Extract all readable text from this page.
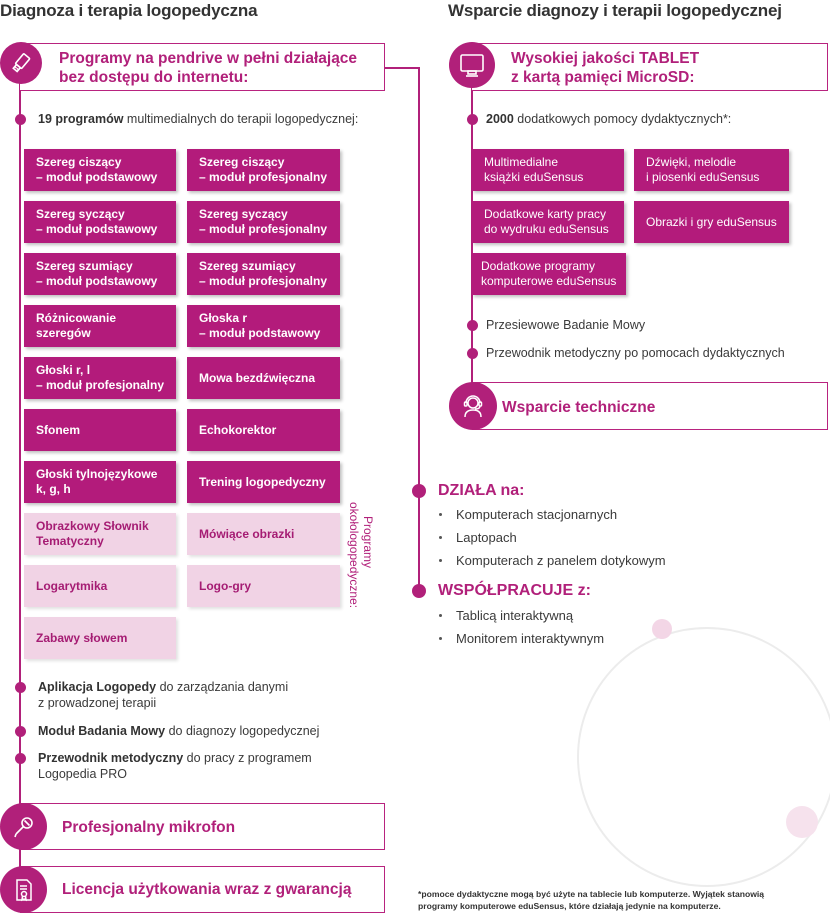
Diagnoza i terapia logopedyczna
Programy na pendrive w pełni działające
bez dostępu do internetu:
19 programów multimedialnych do terapii logopedycznej:
Szereg ciszący
– moduł podstawowy
Szereg ciszący
– moduł profesjonalny
Szereg syczący
– moduł podstawowy
Szereg syczący
– moduł profesjonalny
Szereg szumiący
– moduł podstawowy
Szereg szumiący
– moduł profesjonalny
Różnicowanie
szeregów
Głoska r
– moduł podstawowy
Głoski r, l
– moduł profesjonalny
Mowa bezdźwięczna
Sfonem	Echokorektor
Głoski tylnojęzykowe
k, g, h
Trening logopedyczny
Obrazkowy Słownik
Tematyczny
Mówiące obrazki
Logarytmika	Logo-gry
Zabawy słowem
Programy
okołologopedyczne:
Aplikacja Logopedy do zarządzania danymi
z prowadzonej terapii
Moduł Badania Mowy do diagnozy logopedycznej
Przewodnik metodyczny do pracy z programem
Logopedia PRO
Profesjonalny mikrofon
Licencja użytkowania wraz z gwarancją
Wsparcie diagnozy i terapii logopedycznej
Wysokiej jakości TABLET
z kartą pamięci MicroSD:
2000 dodatkowych pomocy dydaktycznych*:
Multimedialne
książki eduSensus
Dźwięki, melodie
i piosenki eduSensus
Dodatkowe karty pracy
do wydruku eduSensus
Obrazki i gry eduSensus
Dodatkowe programy
komputerowe eduSensus
Przesiewowe Badanie Mowy
Przewodnik metodyczny po pomocach dydaktycznych
Wsparcie techniczne
DZIAŁA na:
Komputerach stacjonarnych
Laptopach
Komputerach z panelem dotykowym
WSPÓŁPRACUJE z:
Tablicą interaktywną
Monitorem interaktywnym
*pomoce dydaktyczne mogą być użyte na tablecie lub komputerze. Wyjątek stanowią
programy komputerowe eduSensus, które działają jedynie na komputerze.
